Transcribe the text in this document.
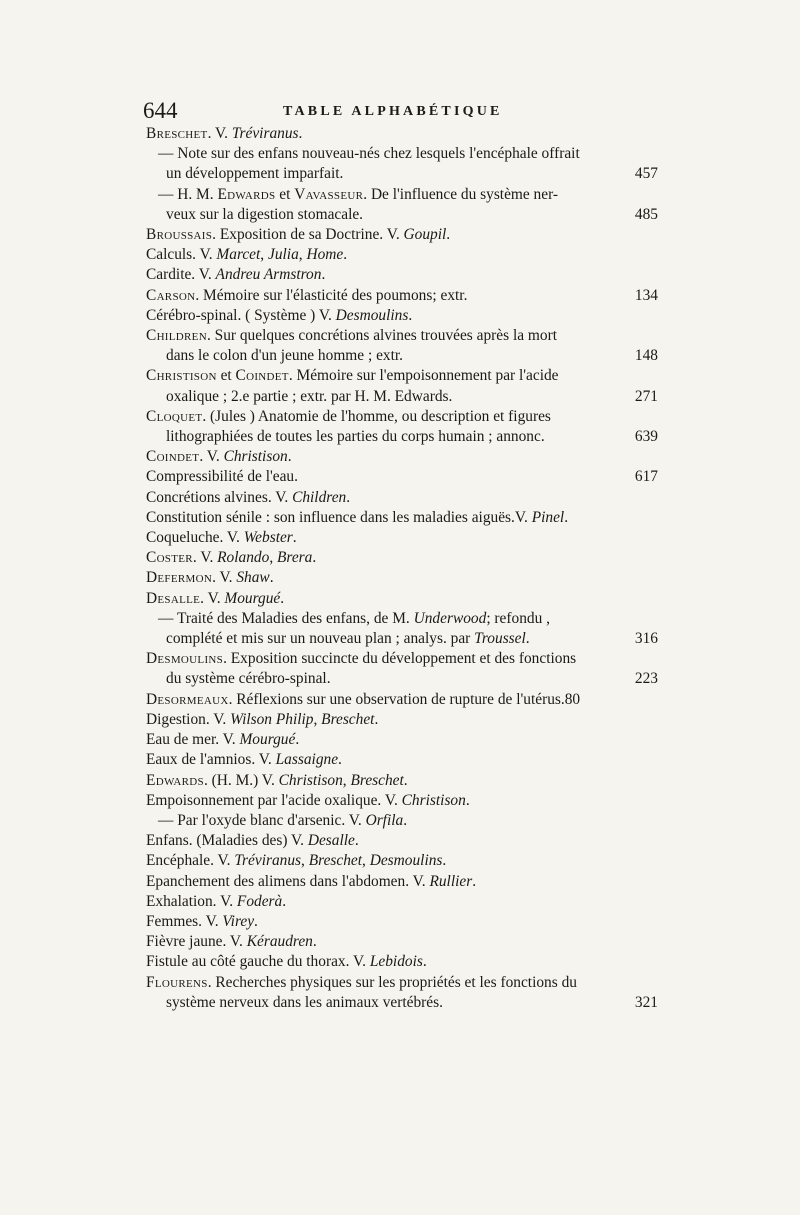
644	TABLE ALPHABÉTIQUE
Breschet. V. Tréviranus.
— Note sur des enfans nouveau-nés chez lesquels l'encéphale offrait
un développement imparfait.	457
— H. M. Edwards et Vavasseur. De l'influence du système ner-
veux sur la digestion stomacale.	485
Broussais. Exposition de sa Doctrine. V. Goupil.
Calculs. V. Marcet, Julia, Home.
Cardite. V. Andreu Armstron.
Carson. Mémoire sur l'élasticité des poumons; extr.	134
Cérébro-spinal. ( Système ) V. Desmoulins.
Children. Sur quelques concrétions alvines trouvées après la mort
dans le colon d'un jeune homme ; extr.	148
Christison et Coindet. Mémoire sur l'empoisonnement par l'acide
oxalique ; 2.e partie ; extr. par H. M. Edwards.	271
Cloquet. (Jules ) Anatomie de l'homme, ou description et figures
lithographiées de toutes les parties du corps humain ; annonc.	639
Coindet. V. Christison.
Compressibilité de l'eau.	617
Concrétions alvines. V. Children.
Constitution sénile : son influence dans les maladies aiguës.V. Pinel.
Coqueluche. V. Webster.
Coster. V. Rolando, Brera.
Defermon. V. Shaw.
Desalle. V. Mourgué.
— Traité des Maladies des enfans, de M. Underwood; refondu ,
complété et mis sur un nouveau plan ; analys. par Troussel.	316
Desmoulins. Exposition succincte du développement et des fonctions
du système cérébro-spinal.	223
Desormeaux. Réflexions sur une observation de rupture de l'utérus.80
Digestion. V. Wilson Philip, Breschet.
Eau de mer. V. Mourgué.
Eaux de l'amnios. V. Lassaigne.
Edwards. (H. M.) V. Christison, Breschet.
Empoisonnement par l'acide oxalique. V. Christison.
— Par l'oxyde blanc d'arsenic. V. Orfila.
Enfans. (Maladies des) V. Desalle.
Encéphale. V. Tréviranus, Breschet, Desmoulins.
Epanchement des alimens dans l'abdomen. V. Rullier.
Exhalation. V. Foderà.
Femmes. V. Virey.
Fièvre jaune. V. Kéraudren.
Fistule au côté gauche du thorax. V. Lebidois.
Flourens. Recherches physiques sur les propriétés et les fonctions du
système nerveux dans les animaux vertébrés.	321
